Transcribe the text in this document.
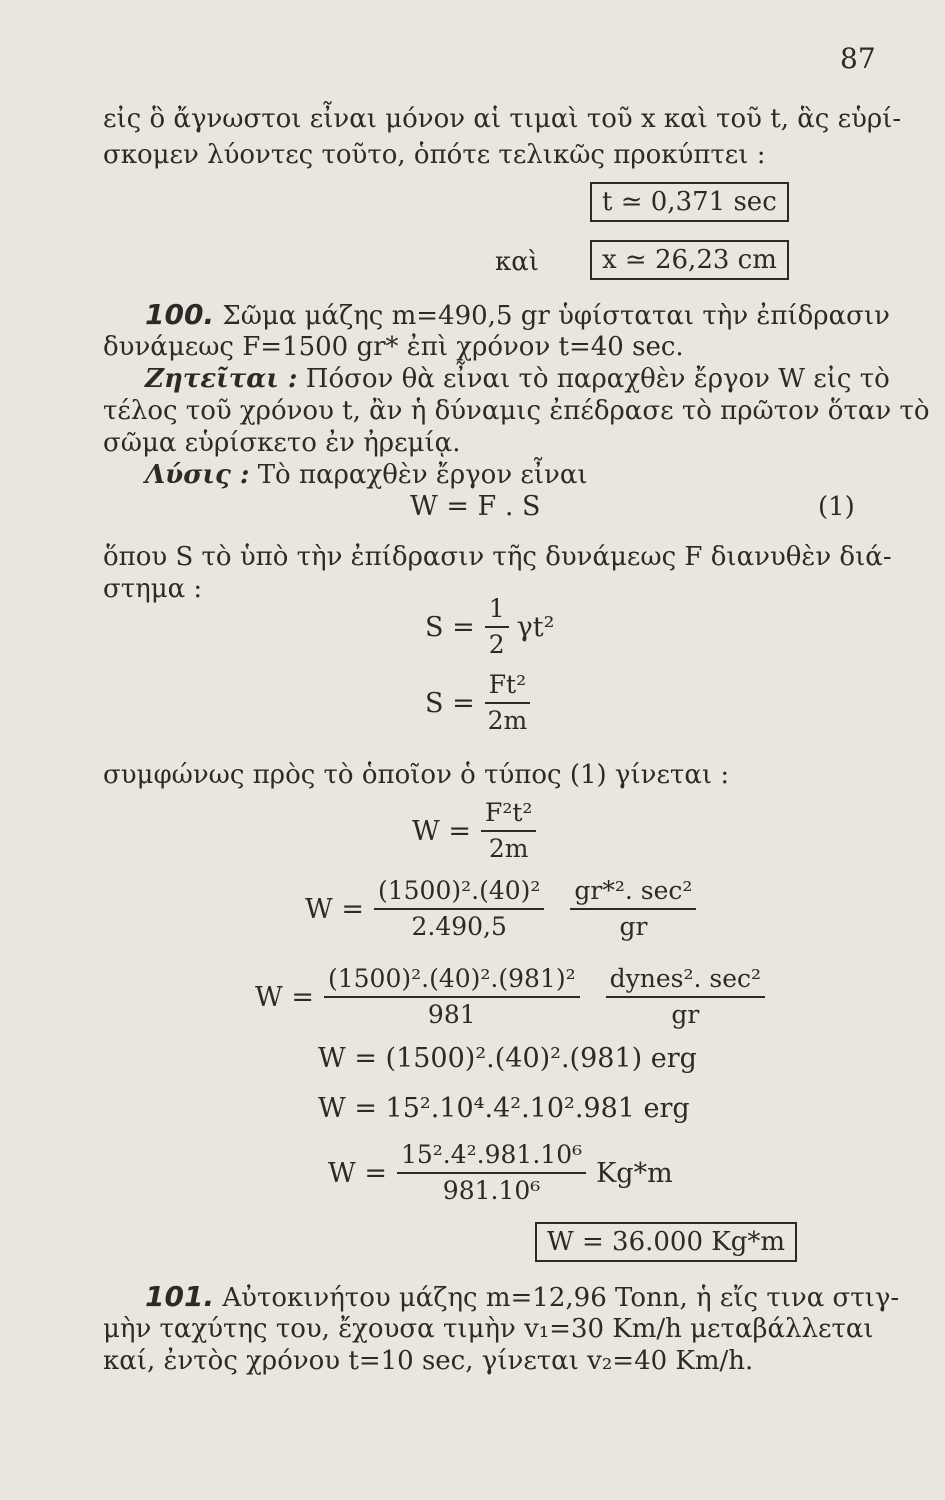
87
εἰς ὃ ἄγνωστοι εἶναι μόνον αἱ τιμαὶ τοῦ x καὶ τοῦ t, ἃς εὑρί-
σκομεν λύοντες τοῦτο, ὁπότε τελικῶς προκύπτει :
t ≃ 0,371 sec
καὶ	x ≃ 26,23 cm
100. Σῶμα μάζης m=490,5 gr ὑφίσταται τὴν ἐπίδρασιν
δυνάμεως F=1500 gr* ἐπὶ χρόνον t=40 sec.
Ζητεῖται : Πόσον θὰ εἶναι τὸ παραχθὲν ἔργον W εἰς τὸ
τέλος τοῦ χρόνου t, ἂν ἡ δύναμις ἐπέδρασε τὸ πρῶτον ὅταν τὸ
σῶμα εὑρίσκετο ἐν ἠρεμίᾳ.
Λύσις : Τὸ παραχθὲν ἔργον εἶναι
W = F . S	(1)
ὅπου S τὸ ὑπὸ τὴν ἐπίδρασιν τῆς δυνάμεως F διανυθὲν διά-
στημα :
$S = \frac{1}{2} \gamma t^2$
$S = \frac{\text{Ft²}}{2m}$
συμφώνως πρὸς τὸ ὁποῖον ὁ τύπος (1) γίνεται :
$W = \frac{\text{F²t²}}{2m}$
$W = \frac{\text{(1500)².(40)²}}{2.490,5} \frac{\text{gr*². sec²}}{gr}$
$W = \frac{\text{(1500)².(40)².(981)²}}{981} \frac{\text{dynes². sec²}}{gr}$
W = (1500)².(40)².(981) erg
W = 15².10⁴.4².10².981 erg
$W = \frac{\text{15².4².981.10⁶}}{\text{981.10⁶}} Kg*m$
W = 36.000 Kg*m
101. Αὐτοκινήτου μάζης m=12,96 Tonn, ἡ εἴς τινα στιγ-
μὴν ταχύτης του, ἔχουσα τιμὴν v₁=30 Km/h μεταβάλλεται
καί, ἐντὸς χρόνου t=10 sec, γίνεται v₂=40 Km/h.
